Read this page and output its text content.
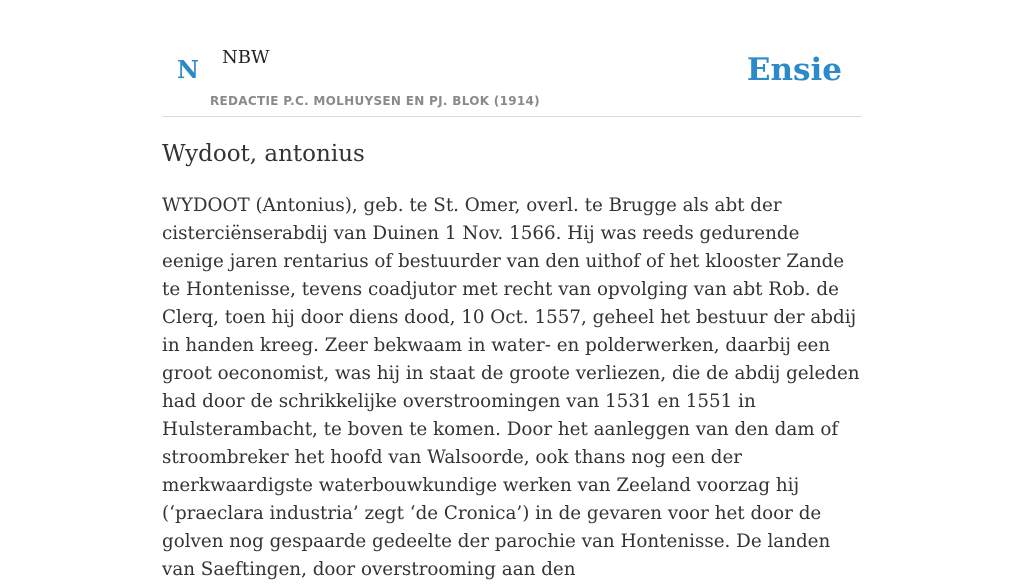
N NBW
REDACTIE P.C. MOLHUYSEN EN PJ. BLOK (1914)
Ensie
Wydoot, antonius

WYDOOT (Antonius), geb. te St. Omer, overl. te Brugge als abt der cisterciënserabdij van Duinen 1 Nov. 1566. Hij was reeds gedurende eenige jaren rentarius of bestuurder van den uithof of het klooster Zande te Hontenisse, tevens coadjutor met recht van opvolging van abt Rob. de Clerq, toen hij door diens dood, 10 Oct. 1557, geheel het bestuur der abdij in handen kreeg. Zeer bekwaam in water- en polderwerken, daarbij een groot oeconomist, was hij in staat de groote verliezen, die de abdij geleden had door de schrikkelijke overstroomingen van 1531 en 1551 in Hulsterambacht, te boven te komen. Door het aanleggen van den dam of stroombreker het hoofd van Walsoorde, ook thans nog een der merkwaardigste waterbouwkundige werken van Zeeland voorzag hij (‘praeclara industria’ zegt ‘de Cronica’) in de gevaren voor het door de golven nog gespaarde gedeelte der parochie van Hontenisse. De landen van Saeftingen, door overstrooming aan den
